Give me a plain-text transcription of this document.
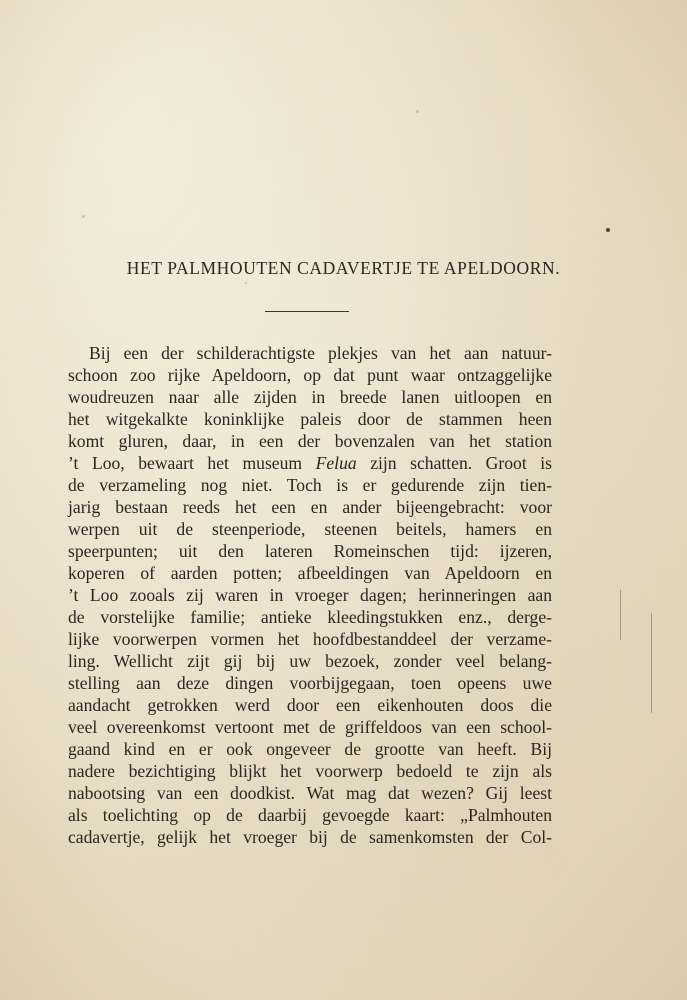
HET PALMHOUTEN CADAVERTJE TE APELDOORN.
Bij een der schilderachtigste plekjes van het aan natuur-
schoon zoo rijke Apeldoorn, op dat punt waar ontzaggelijke
woudreuzen naar alle zijden in breede lanen uitloopen en
het witgekalkte koninklijke paleis door de stammen heen
komt gluren, daar, in een der bovenzalen van het station
’t Loo, bewaart het museum Felua zijn schatten. Groot is
de verzameling nog niet. Toch is er gedurende zijn tien-
jarig bestaan reeds het een en ander bijeengebracht: voor
werpen uit de steenperiode, steenen beitels, hamers en
speerpunten; uit den lateren Romeinschen tijd: ijzeren,
koperen of aarden potten; afbeeldingen van Apeldoorn en
’t Loo zooals zij waren in vroeger dagen; herinneringen aan
de vorstelijke familie; antieke kleedingstukken enz., derge-
lijke voorwerpen vormen het hoofdbestanddeel der verzame-
ling. Wellicht zijt gij bij uw bezoek, zonder veel belang-
stelling aan deze dingen voorbijgegaan, toen opeens uwe
aandacht getrokken werd door een eikenhouten doos die
veel overeenkomst vertoont met de griffeldoos van een school-
gaand kind en er ook ongeveer de grootte van heeft. Bij
nadere bezichtiging blijkt het voorwerp bedoeld te zijn als
nabootsing van een doodkist. Wat mag dat wezen? Gij leest
als toelichting op de daarbij gevoegde kaart: „Palmhouten
cadavertje, gelijk het vroeger bij de samenkomsten der Col-
